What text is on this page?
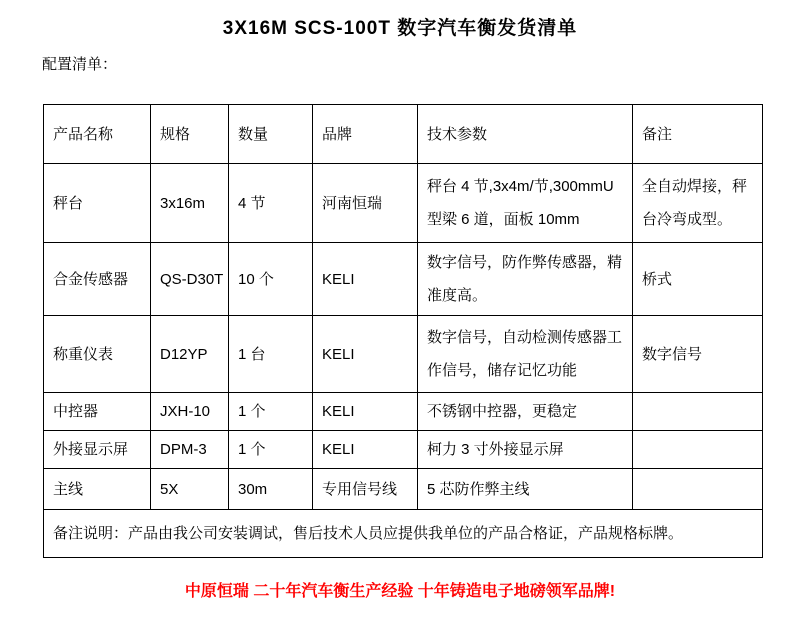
3X16M SCS-100T 数字汽车衡发货清单
配置清单：
产品名称	规格	数量	品牌	技术参数	备注
秤台	3x16m	4 节	河南恒瑞	秤台 4 节,3x4m/节,300mmU 型梁 6 道，面板 10mm	全自动焊接，秤台冷弯成型。
合金传感器	QS-D30T	10 个	KELI	数字信号，防作弊传感器，精准度高。	桥式
称重仪表	D12YP	1 台	KELI	数字信号，自动检测传感器工作信号，储存记忆功能	数字信号
中控器	JXH-10	1 个	KELI	不锈钢中控器，更稳定	
外接显示屏	DPM-3	1 个	KELI	柯力 3 寸外接显示屏	
主线	5X	30m	专用信号线	5 芯防作弊主线	
备注说明：产品由我公司安装调试，售后技术人员应提供我单位的产品合格证，产品规格标牌。					
中原恒瑞 二十年汽车衡生产经验 十年铸造电子地磅领军品牌!
